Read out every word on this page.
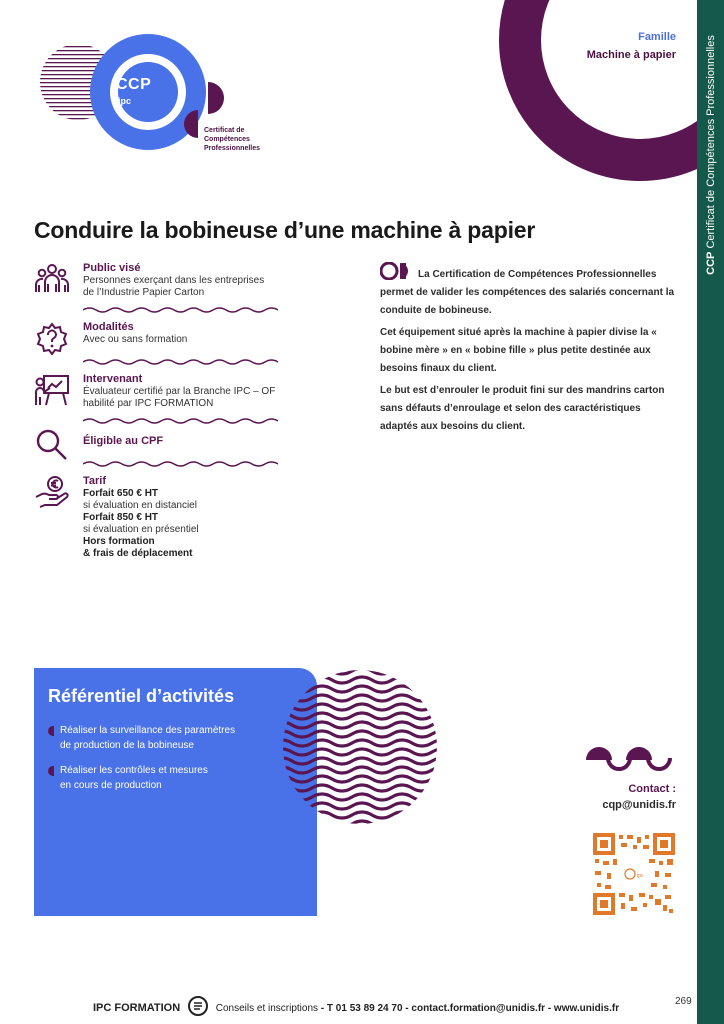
CCP Certificat de Compétences Professionnelles
Famille
Machine à papier
CCP
ipc
Certificat de
Compétences
Professionnelles
Conduire la bobineuse d’une machine à papier
Public visé
Personnes exerçant dans les entreprises
de l’Industrie Papier Carton
Modalités
Avec ou sans formation
Intervenant
Évaluateur certifié par la Branche IPC – OF
habilité par IPC FORMATION
Éligible au CPF
Tarif
Forfait 650 € HT
si évaluation en distanciel
Forfait 850 € HT
si évaluation en présentiel
Hors formation
& frais de déplacement

La Certification de Compétences Professionnelles permet de valider les compétences des salariés concernant la conduite de bobineuse.

Cet équipement situé après la machine à papier divise la « bobine mère » en « bobine fille » plus petite destinée aux besoins finaux du client.

Le but est d’enrouler le produit fini sur des mandrins carton sans défauts d’enroulage et selon des caractéristiques adaptés aux besoins du client.

Référentiel d’activités
Réaliser la surveillance des paramètres
de production de la bobineuse
Réaliser les contrôles et mesures
en cours de production	Contact :
cqp@unidis.fr
ipc
IPC FORMATION	Conseils et inscriptions - T 01 53 89 24 70 - contact.formation@unidis.fr - www.unidis.fr
269
